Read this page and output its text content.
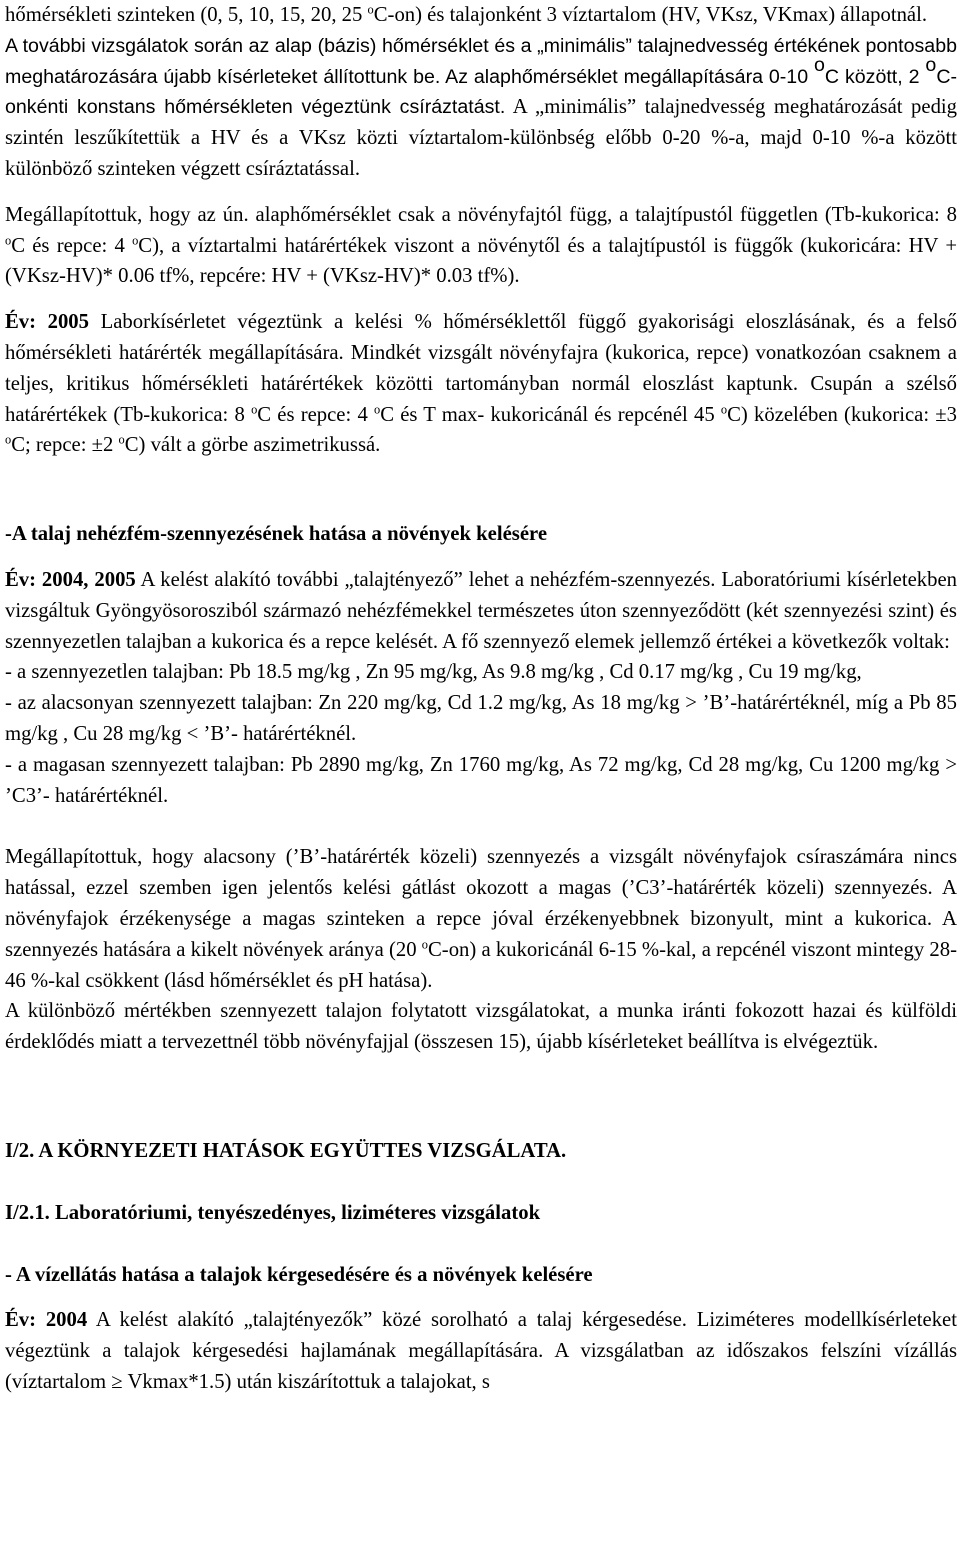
hőmérsékleti szinteken (0, 5, 10, 15, 20, 25 $^o$C-on) és talajonként 3 víztartalom (HV, VKsz, VKmax) állapotnál.

A további vizsgálatok során az alap (bázis) hőmérséklet és a „minimális” talajnedvesség értékének pontosabb meghatározására újabb kísérleteket állítottunk be. Az alaphőmérséklet megállapítására 0-10 $^o$C között, 2 $^o$C-onkénti konstans hőmérsékleten végeztünk csíráztatást. A „minimális” talajnedvesség meghatározását pedig szintén leszűkítettük a HV és a VKsz közti víztartalom-különbség előbb 0-20 %-a, majd 0-10 %-a között különböző szinteken végzett csíráztatással.

Megállapítottuk, hogy az ún. alaphőmérséklet csak a növényfajtól függ, a talajtípustól független (Tb-kukorica: 8 $^o$C és repce: 4 $^o$C), a víztartalmi határértékek viszont a növénytől és a talajtípustól is függők (kukoricára: HV + (VKsz-HV)* 0.06 tf%, repcére: HV + (VKsz-HV)* 0.03 tf%).

Év: 2005 Laborkísérletet végeztünk a kelési % hőmérséklettől függő gyakorisági eloszlásának, és a felső hőmérsékleti határérték megállapítására. Mindkét vizsgált növényfajra (kukorica, repce) vonatkozóan csaknem a teljes, kritikus hőmérsékleti határértékek közötti tartományban normál eloszlást kaptunk. Csupán a szélső határértékek (Tb-kukorica: 8 $^o$C és repce: 4 $^o$C és T max- kukoricánál és repcénél 45 $^o$C) közelében (kukorica: ±3 $^o$C; repce: ±2 $^o$C) vált a görbe aszimetrikussá.

-A talaj nehézfém-szennyezésének hatása a növények kelésére

Év: 2004, 2005 A kelést alakító további „talajtényező” lehet a nehézfém-szennyezés. Laboratóriumi kísérletekben vizsgáltuk Gyöngyösorosziból származó nehézfémekkel természetes úton szennyeződött (két szennyezési szint) és szennyezetlen talajban a kukorica és a repce kelését. A fő szennyező elemek jellemző értékei a következők voltak:

- a szennyezetlen talajban: Pb 18.5 mg/kg , Zn 95 mg/kg, As 9.8 mg/kg , Cd 0.17 mg/kg , Cu 19 mg/kg,

- az alacsonyan szennyezett talajban: Zn 220 mg/kg, Cd 1.2 mg/kg, As 18 mg/kg > ’B’-határértéknél, míg a Pb 85 mg/kg , Cu 28 mg/kg < ’B’- határértéknél.

- a magasan szennyezett talajban: Pb 2890 mg/kg, Zn 1760 mg/kg, As 72 mg/kg, Cd 28 mg/kg, Cu 1200 mg/kg > ’C3’- határértéknél.

Megállapítottuk, hogy alacsony (’B’-határérték közeli) szennyezés a vizsgált növényfajok csíraszámára nincs hatással, ezzel szemben igen jelentős kelési gátlást okozott a magas (’C3’-határérték közeli) szennyezés. A növényfajok érzékenysége a magas szinteken a repce jóval érzékenyebbnek bizonyult, mint a kukorica. A szennyezés hatására a kikelt növények aránya (20 $^o$C-on) a kukoricánál 6-15 %-kal, a repcénél viszont mintegy 28-46 %-kal csökkent (lásd hőmérséklet és pH hatása).

A különböző mértékben szennyezett talajon folytatott vizsgálatokat, a munka iránti fokozott hazai és külföldi érdeklődés miatt a tervezettnél több növényfajjal (összesen 15), újabb kísérleteket beállítva is elvégeztük.

I/2. A KÖRNYEZETI HATÁSOK EGYÜTTES VIZSGÁLATA.

I/2.1. Laboratóriumi, tenyészedényes, liziméteres vizsgálatok

- A vízellátás hatása a talajok kérgesedésére és a növények kelésére

Év: 2004 A kelést alakító „talajtényezők” közé sorolható a talaj kérgesedése. Liziméteres modellkísérleteket végeztünk a talajok kérgesedési hajlamának megállapítására. A vizsgálatban az időszakos felszíni vízállás (víztartalom ≥ Vkmax*1.5) után kiszárítottuk a talajokat, s
